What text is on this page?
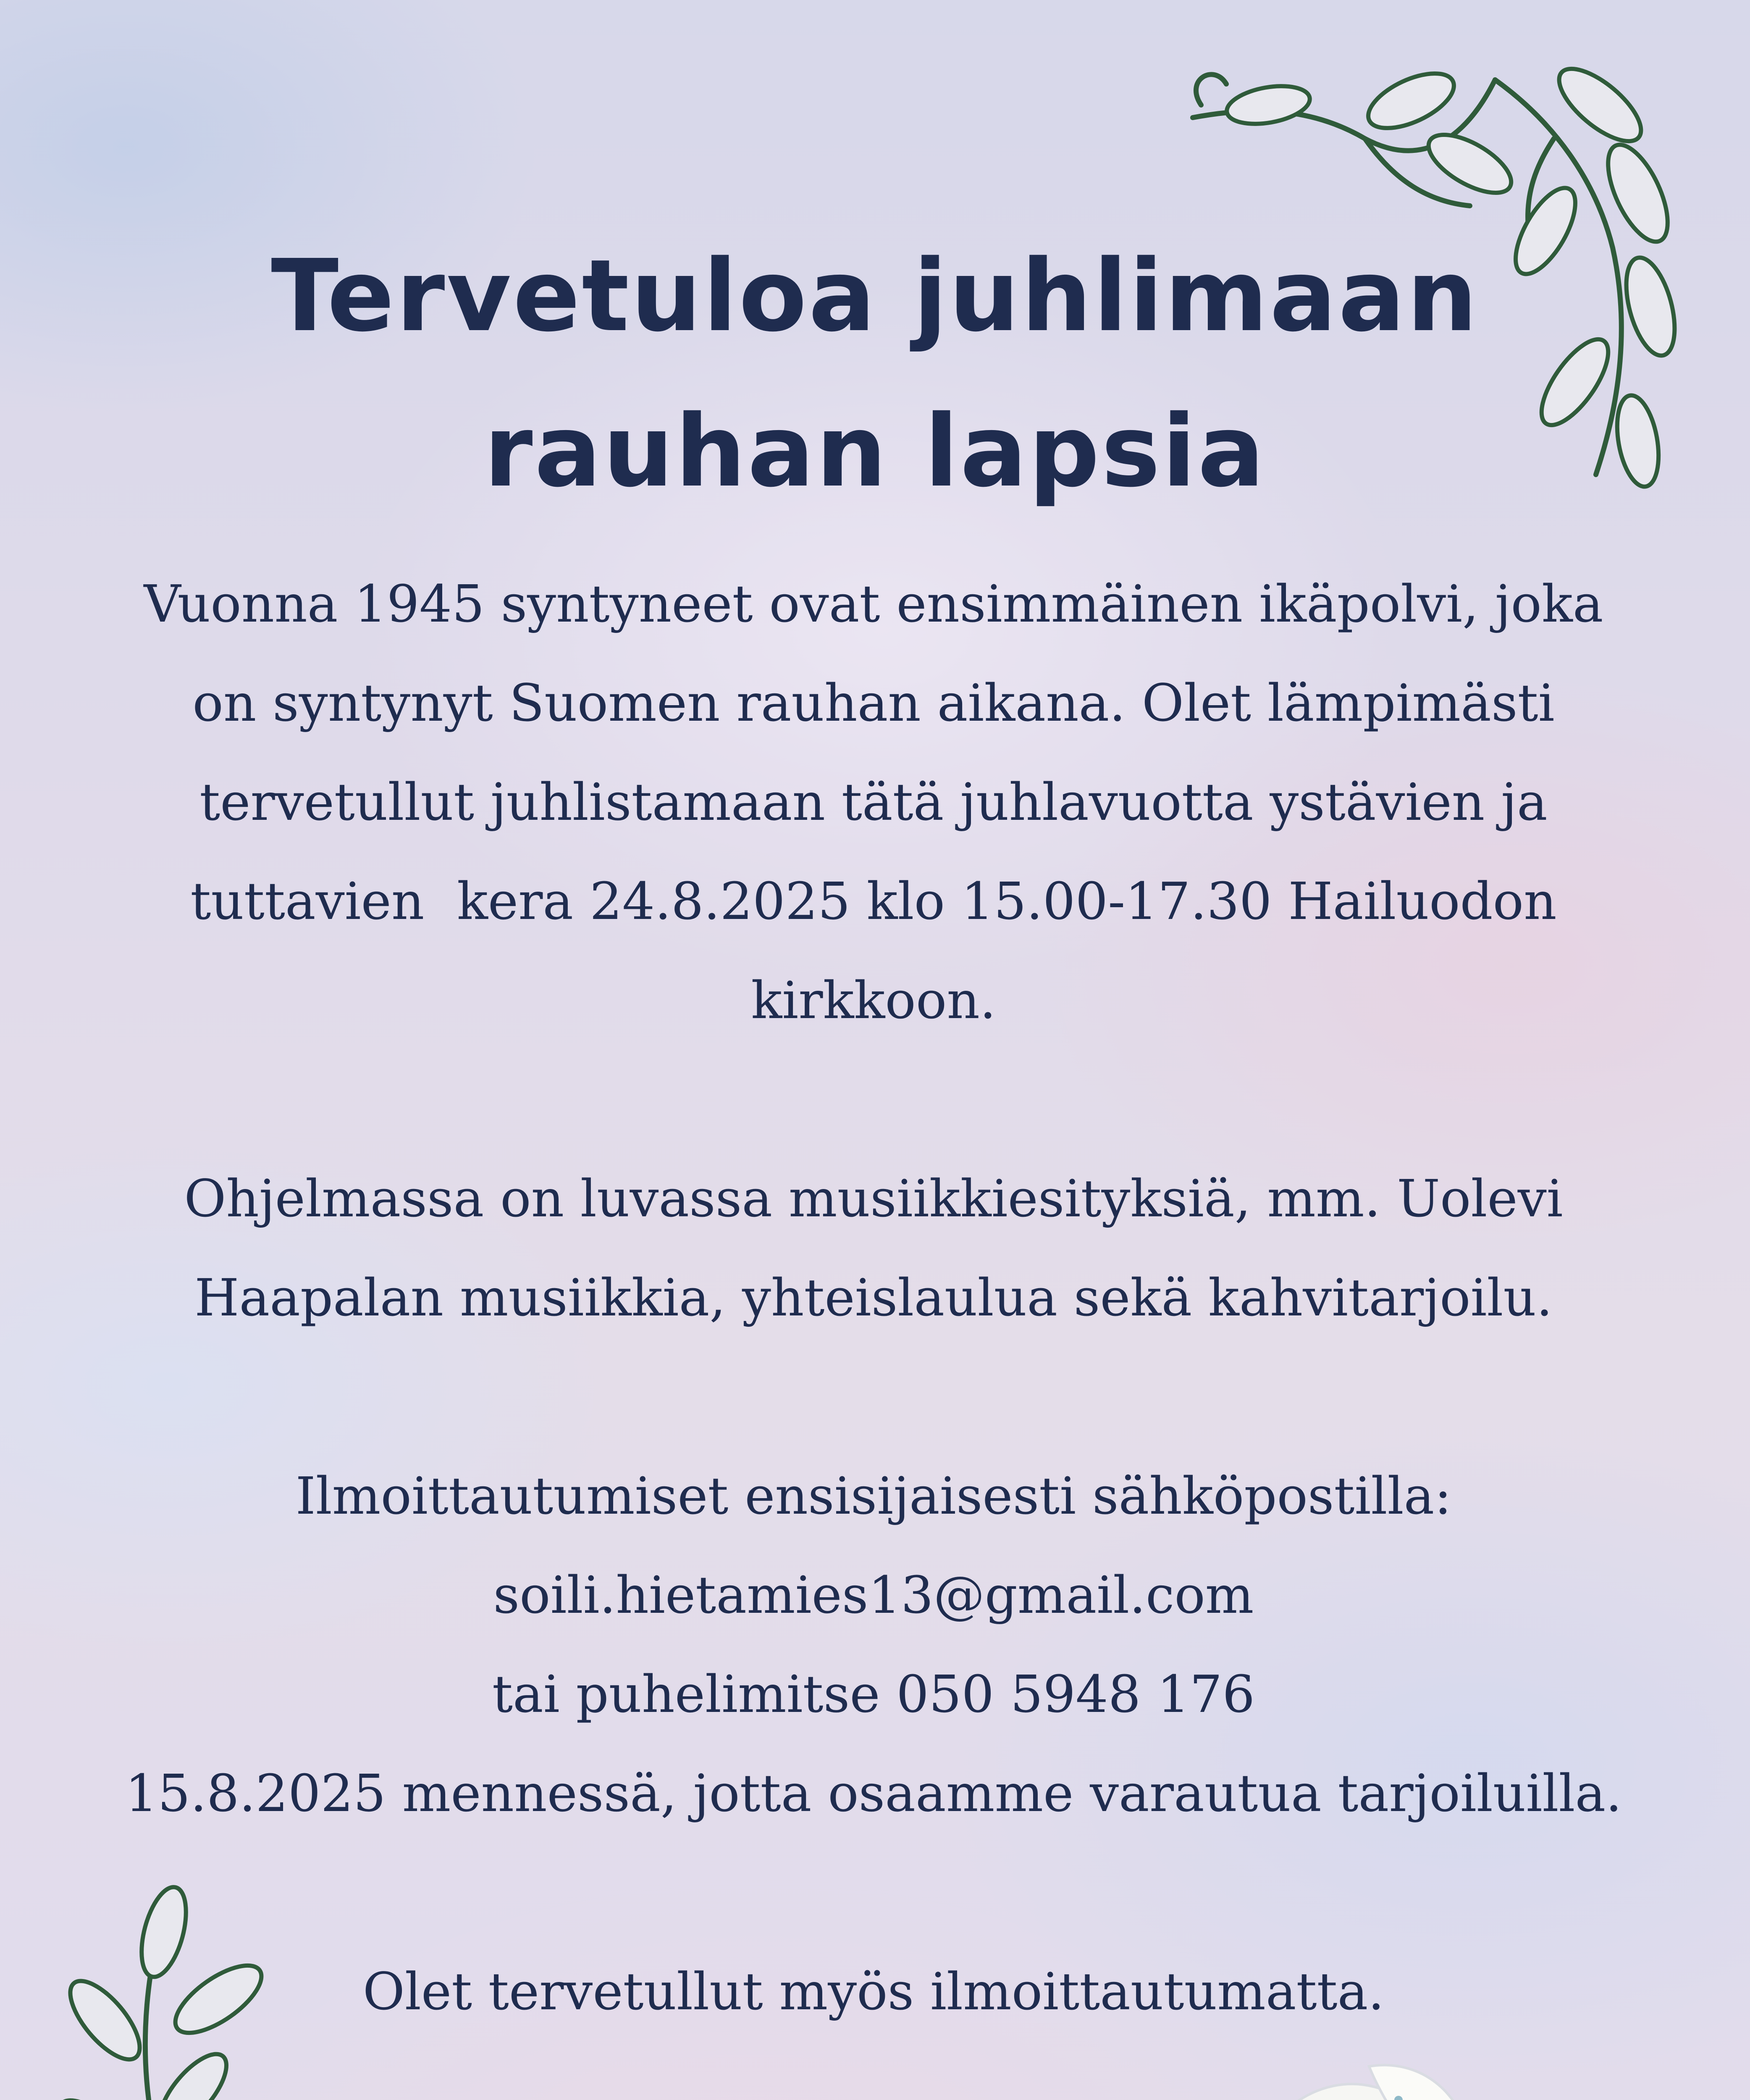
Tervetuloa juhlimaan
rauhan lapsia

Vuonna 1945 syntyneet ovat ensimmäinen ikäpolvi, joka
on syntynyt Suomen rauhan aikana. Olet lämpimästi
tervetullut juhlistamaan tätä juhlavuotta ystävien ja
tuttavien  kera 24.8.2025 klo 15.00-17.30 Hailuodon
kirkkoon.

Ohjelmassa on luvassa musiikkiesityksiä, mm. Uolevi
Haapalan musiikkia, yhteislaulua sekä kahvitarjoilu.

Ilmoittautumiset ensisijaisesti sähköpostilla:
soili.hietamies13@gmail.com
tai puhelimitse 050 5948 176
15.8.2025 mennessä, jotta osaamme varautua tarjoiluilla.

Olet tervetullut myös ilmoittautumatta.
